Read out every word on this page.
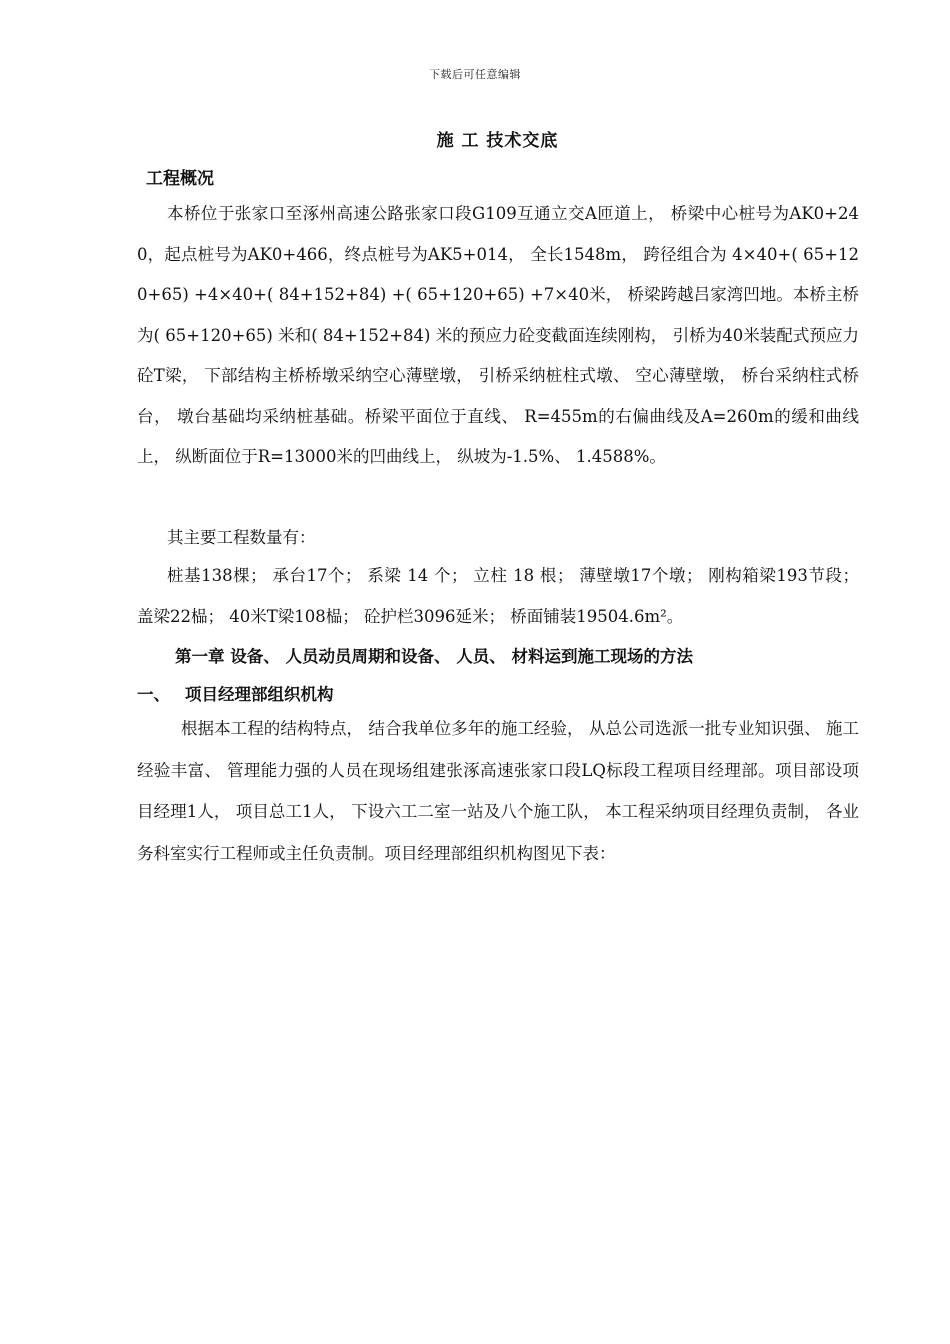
下载后可任意编辑
施 工 技术交底
工程概况

本桥位于张家口至涿州高速公路张家口段G109互通立交A匝道上， 桥梁中心桩号为AK0+240，起点桩号为AK0+466，终点桩号为AK5+014， 全长1548m， 跨径组合为 4×40+( 65+120+65) +4×40+( 84+152+84) +( 65+120+65) +7×40米， 桥梁跨越吕家湾凹地。本桥主桥为( 65+120+65) 米和( 84+152+84) 米的预应力砼变截面连续刚构， 引桥为40米装配式预应力砼T梁， 下部结构主桥桥墩采纳空心薄壁墩， 引桥采纳桩柱式墩、 空心薄壁墩， 桥台采纳柱式桥台， 墩台基础均采纳桩基础。桥梁平面位于直线、 R=455m的右偏曲线及A=260m的缓和曲线上， 纵断面位于R=13000米的凹曲线上， 纵坡为-1.5%、 1.4588%。

其主要工程数量有：

桩基138棵； 承台17个； 系梁 14 个； 立柱 18 根； 薄壁墩17个墩； 刚构箱梁193节段； 盖梁22榀； 40米T梁108榀； 砼护栏3096延米； 桥面铺装19504.6m²。

第一章 设备、 人员动员周期和设备、 人员、 材料运到施工现场的方法
一、 项目经理部组织机构

根据本工程的结构特点， 结合我单位多年的施工经验， 从总公司选派一批专业知识强、 施工经验丰富、 管理能力强的人员在现场组建张涿高速张家口段LQ标段工程项目经理部。项目部设项目经理1人， 项目总工1人， 下设六工二室一站及八个施工队， 本工程采纳项目经理负责制， 各业务科室实行工程师或主任负责制。项目经理部组织机构图见下表：
